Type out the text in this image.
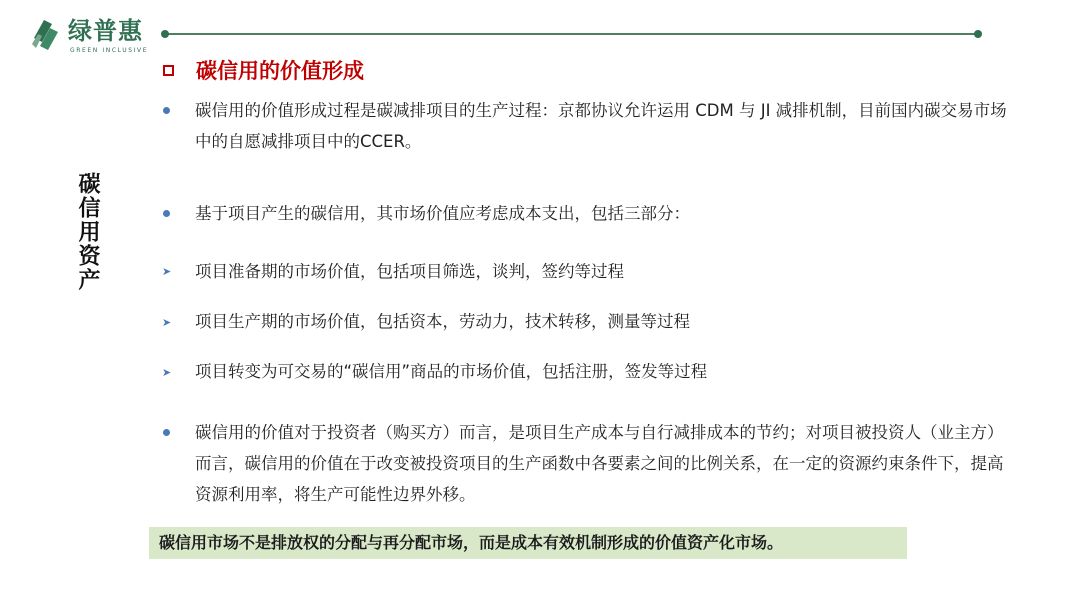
绿普惠
GREEN INCLUSIVE
碳信用的价值形成
碳信用资产
碳信用的价值形成过程是碳减排项目的生产过程：京都协议允许运用 CDM 与 JI 减排机制，目前国内碳交易市场中的自愿减排项目中的CCER。
基于项目产生的碳信用，其市场价值应考虑成本支出，包括三部分：
➤ 项目准备期的市场价值，包括项目筛选，谈判，签约等过程
➤ 项目生产期的市场价值，包括资本，劳动力，技术转移，测量等过程
➤ 项目转变为可交易的“碳信用”商品的市场价值，包括注册，签发等过程
碳信用的价值对于投资者（购买方）而言，是项目生产成本与自行减排成本的节约；对项目被投资人（业主方）而言，碳信用的价值在于改变被投资项目的生产函数中各要素之间的比例关系，在一定的资源约束条件下，提高资源利用率，将生产可能性边界外移。
碳信用市场不是排放权的分配与再分配市场，而是成本有效机制形成的价值资产化市场。
